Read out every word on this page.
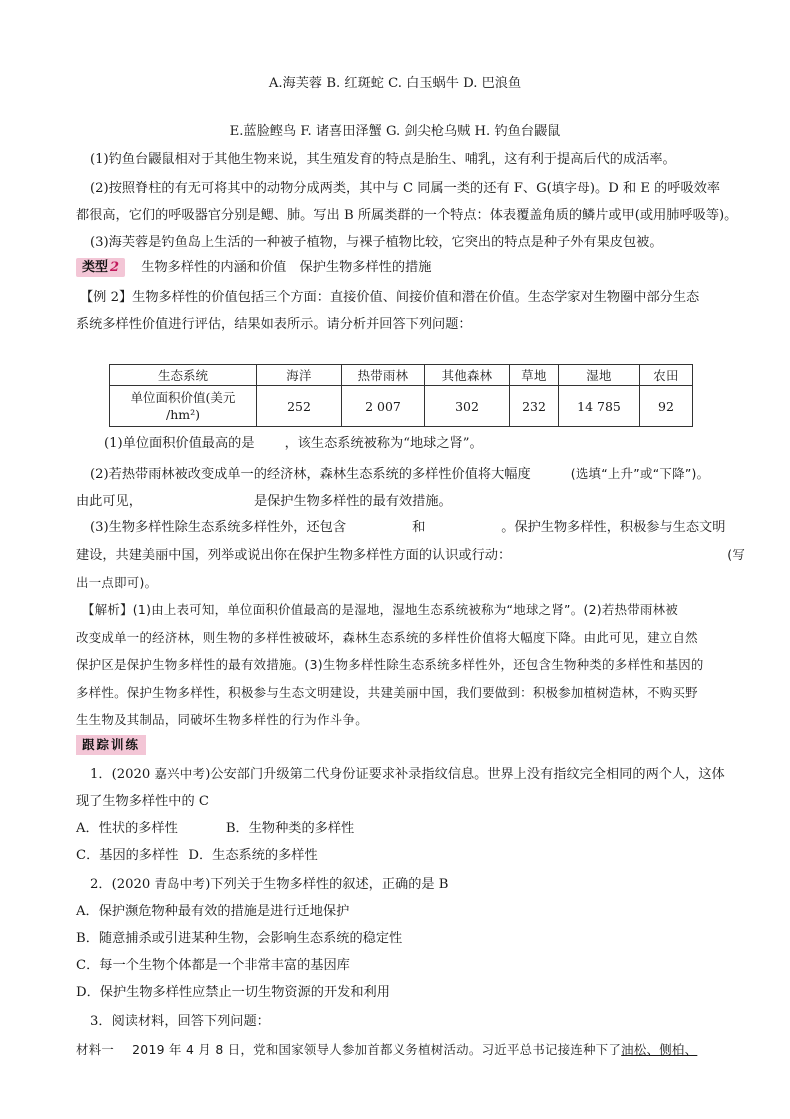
A.海芙蓉 B. 红斑蛇 C. 白玉蜗牛 D. 巴浪鱼
E.蓝脸鲣鸟 F. 诸喜田泽蟹 G. 剑尖枪乌贼 H. 钓鱼台鼹鼠
(1)钓鱼台鼹鼠相对于其他生物来说，其生殖发育的特点是胎生、哺乳，这有利于提高后代的成活率。
(2)按照脊柱的有无可将其中的动物分成两类，其中与 C 同属一类的还有 F、G(填字母)。D 和 E 的呼吸效率
都很高，它们的呼吸器官分别是鳃、肺。写出 B 所属类群的一个特点：体表覆盖角质的鳞片或甲(或用肺呼吸等)。
(3)海芙蓉是钓鱼岛上生活的一种被子植物，与裸子植物比较，它突出的特点是种子外有果皮包被。
类型 2 生物多样性的内涵和价值　保护生物多样性的措施
【例 2】生物多样性的价值包括三个方面：直接价值、间接价值和潜在价值。生态学家对生物圈中部分生态
系统多样性价值进行评估，结果如表所示。请分析并回答下列问题：
生态系统	海洋	热带雨林	其他森林	草地	湿地	农田

单位面积价值(美元
/hm²)	252	2 007	302	232	14 785	92
(1)单位面积价值最高的是 ，该生态系统被称为“地球之肾”。
(2)若热带雨林被改变成单一的经济林，森林生态系统的多样性价值将大幅度	(选填“上升”或“下降”)。
由此可见，	是保护生物多样性的最有效措施。
(3)生物多样性除生态系统多样性外，还包含	和	。保护生物多样性，积极参与生态文明
建设，共建美丽中国，列举或说出你在保护生物多样性方面的认识或行动：	(写
出一点即可)。
【解析】(1)由上表可知，单位面积价值最高的是湿地，湿地生态系统被称为“地球之肾”。(2)若热带雨林被
改变成单一的经济林，则生物的多样性被破坏，森林生态系统的多样性价值将大幅度下降。由此可见，建立自然
保护区是保护生物多样性的最有效措施。(3)生物多样性除生态系统多样性外，还包含生物种类的多样性和基因的
多样性。保护生物多样性，积极参与生态文明建设，共建美丽中国，我们要做到：积极参加植树造林，不购买野
生生物及其制品，同破坏生物多样性的行为作斗争。
跟踪训练
1．(2020 嘉兴中考)公安部门升级第二代身份证要求补录指纹信息。世界上没有指纹完全相同的两个人，这体
现了生物多样性中的 C
A．性状的多样性	B．生物种类的多样性
C．基因的多样性 D．生态系统的多样性
2．(2020 青岛中考)下列关于生物多样性的叙述，正确的是 B
A．保护濒危物种最有效的措施是进行迁地保护
B．随意捕杀或引进某种生物，会影响生态系统的稳定性
C．每一个生物个体都是一个非常丰富的基因库
D．保护生物多样性应禁止一切生物资源的开发和利用
3．阅读材料，回答下列问题：
材料一 2019 年 4 月 8 日，党和国家领导人参加首都义务植树活动。习近平总书记接连种下了油松、侧柏、
